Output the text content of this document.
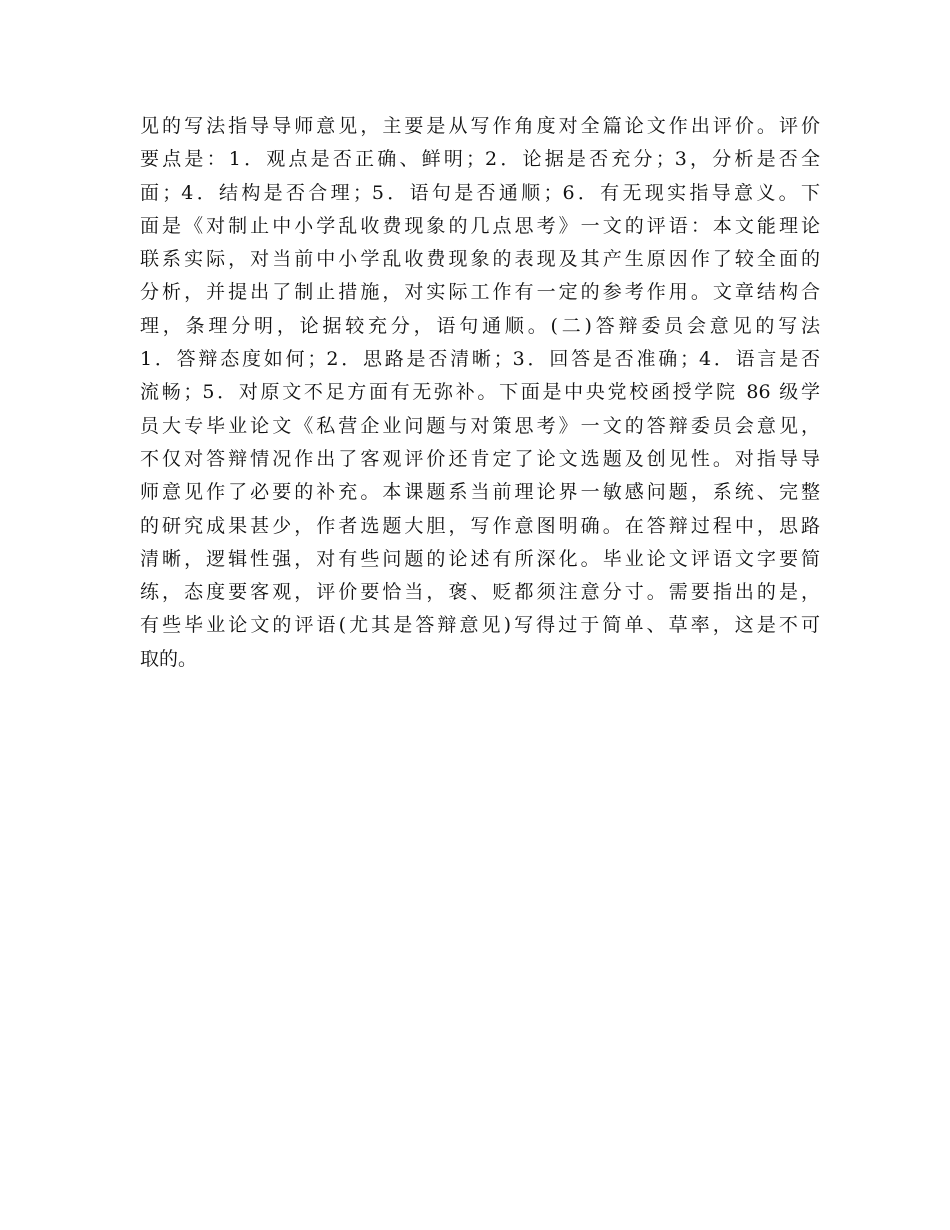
见的写法指导导师意见，主要是从写作角度对全篇论文作出评价。评价
要点是：1．观点是否正确、鲜明；2．论据是否充分；3，分析是否全
面；4．结构是否合理；5．语句是否通顺；6．有无现实指导意义。下
面是《对制止中小学乱收费现象的几点思考》一文的评语：本文能理论
联系实际，对当前中小学乱收费现象的表现及其产生原因作了较全面的
分析，并提出了制止措施，对实际工作有一定的参考作用。文章结构合
理，条理分明，论据较充分，语句通顺。(二)答辩委员会意见的写法
1．答辩态度如何；2．思路是否清晰；3．回答是否准确；4．语言是否
流畅；5．对原文不足方面有无弥补。下面是中央党校函授学院 86 级学
员大专毕业论文《私营企业问题与对策思考》一文的答辩委员会意见，
不仅对答辩情况作出了客观评价还肯定了论文选题及创见性。对指导导
师意见作了必要的补充。本课题系当前理论界一敏感问题，系统、完整
的研究成果甚少，作者选题大胆，写作意图明确。在答辩过程中，思路
清晰，逻辑性强，对有些问题的论述有所深化。毕业论文评语文字要简
练，态度要客观，评价要恰当，褒、贬都须注意分寸。需要指出的是，
有些毕业论文的评语(尤其是答辩意见)写得过于简单、草率，这是不可
取的。
